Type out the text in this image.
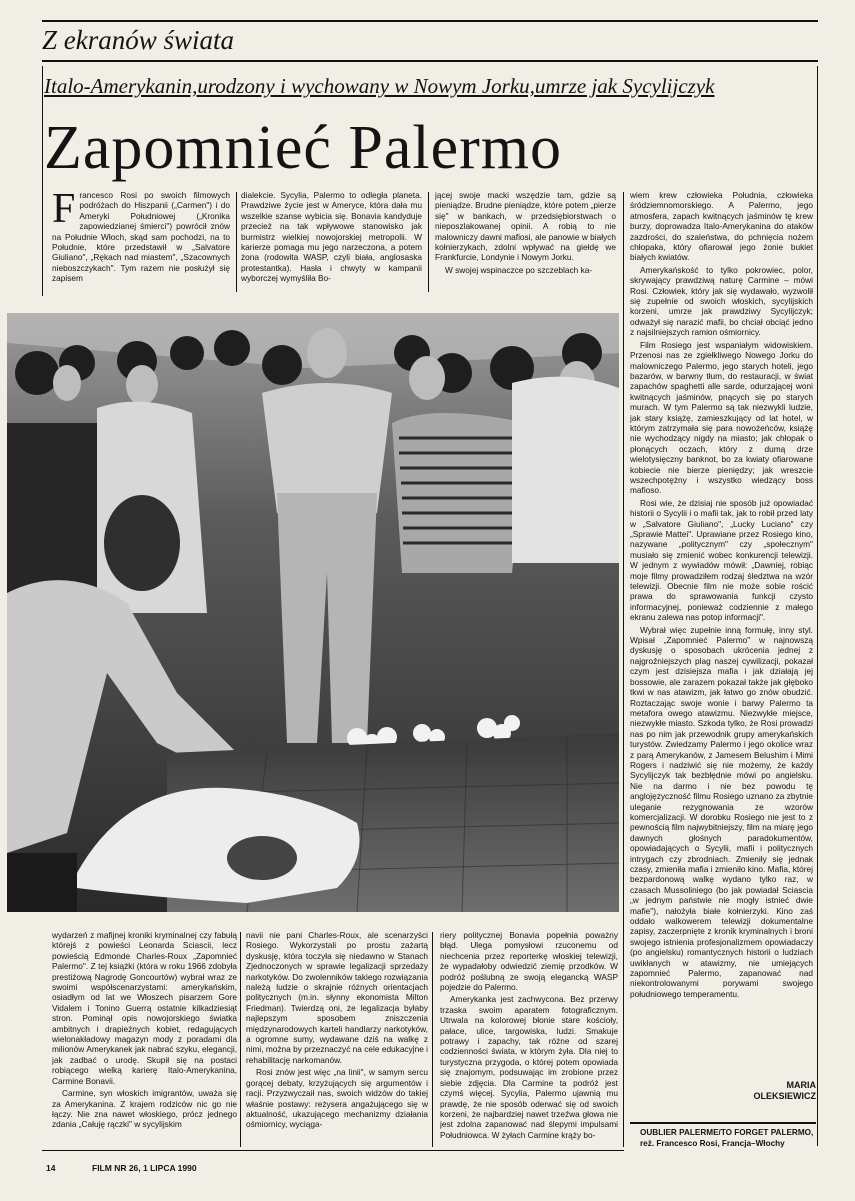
Z ekranów świata
Italo-Amerykanin,urodzony i wychowany w Nowym Jorku,umrze jak Sycylijczyk
Zapomnieć Palermo

Francesco Rosi po swoich filmowych podróżach do Hiszpanii („Carmen") i do Ameryki Południowej („Kronika zapowiedzianej śmierci") powrócił znów na Południe Włoch, skąd sam pochodzi, na to Południe, które przedstawił w „Salvatore Giuliano", „Rękach nad miastem", „Szacownych nieboszczykach". Tym razem nie posłużył się zapisem

dialekcie. Sycylia, Palermo to odległa planeta. Prawdziwe życie jest w Ameryce, która dała mu wszelkie szanse wybicia się. Bonavia kandyduje przecież na tak wpływowe stanowisko jak burmistrz wielkiej nowojorskiej metropolii. W karierze pomaga mu jego narzeczona, a potem żona (rodowita WASP, czyli biała, anglosaska protestantka). Hasła i chwyty w kampanii wyborczej wymyśliła Bo-

jącej swoje macki wszędzie tam, gdzie są pieniądze. Brudne pieniądze, które potem „pierze się" w bankach, w przedsiębiorstwach o nieposzlakowanej opinii. A robią to nie malowniczy dawni mafiosi, ale panowie w białych kołnierzykach, zdolni wpływać na giełdę we Frankfurcie, Londynie i Nowym Jorku.

W swojej wspinaczce po szczeblach ka-

wiem krew człowieka Południa, człowieka śródziemnomorskiego. A Palermo, jego atmosfera, zapach kwitnących jaśminów tę krew burzy, doprowadza Italo-Amerykanina do ataków zazdrości, do szaleństwa, do pchnięcia nożem chłopaka, który ofiarował jego żonie bukiet białych kwiatów.

Amerykańskość to tylko pokrowiec, polor, skrywający prawdziwą naturę Carmine – mówi Rosi. Człowiek, który jak się wydawało, wyzwolił się zupełnie od swoich włoskich, sycylijskich korzeni, umrze jak prawdziwy Sycylijczyk; odważył się narazić mafii, bo chciał obciąć jedno z najsilniejszych ramion ośmiornicy.

Film Rosiego jest wspaniałym widowiskiem. Przenosi nas ze zgiełkliwego Nowego Jorku do malowniczego Palermo, jego starych hoteli, jego bazarów, w barwny tłum, do restauracji, w świat zapachów spaghetti alle sarde, odurzającej woni kwitnących jaśminów, pnących się po starych murach. W tym Palermo są tak niezwykli ludzie, jak stary książę, zamieszkujący od lat hotel, w którym zatrzymała się para nowożeńców, książę nie wychodzący nigdy na miasto; jak chłopak o płonących oczach, który z dumą drze wielotysięczny banknot, bo za kwiaty ofiarowane kobiecie nie bierze pieniędzy; jak wreszcie wszechpotężny i wszystko wiedzący boss mafioso.

Rosi wie, że dzisiaj nie sposób już opowiadać historii o Sycylii i o mafii tak, jak to robił przed laty w „Salvatore Giuliano", „Lucky Luciano" czy „Sprawie Mattei". Uprawiane przez Rosiego kino, nazywane „politycznym" czy „społecznym" musiało się zmienić wobec konkurencji telewizji. W jednym z wywiadów mówił: „Dawniej, robiąc moje filmy prowadziłem rodzaj śledztwa na wzór telewizji. Obecnie film nie może sobie rościć prawa do sprawowania funkcji czysto informacyjnej, ponieważ codziennie z małego ekranu zalewa nas potop informacji".

Wybrał więc zupełnie inną formułę, inny styl. Wpisał „Zapomnieć Palermo" w najnowszą dyskusję o sposobach ukrócenia jednej z najgroźniejszych plag naszej cywilizacji, pokazał czym jest dzisiejsza mafia i jak działają jej bossowie, ale zarazem pokazał także jak głęboko tkwi w nas atawizm, jak łatwo go znów obudzić. Roztaczając swoje wonie i barwy Palermo ta metafora owego atawizmu. Niezwykłe miejsce, niezwykłe miasto. Szkoda tylko, że Rosi prowadzi nas po nim jak przewodnik grupy amerykańskich turystów. Zwiedzamy Palermo i jego okolice wraz z parą Amerykanów, z Jamesem Belushim i Mimi Rogers i nadziwić się nie możemy, że każdy Sycylijczyk tak bezbłędnie mówi po angielsku. Nie na darmo i nie bez powodu tę anglojęzyczność filmu Rosiego uznano za zbytnie uleganie rezygnowania ze wzorów komercjalizacji. W dorobku Rosiego nie jest to z pewnością film najwybitniejszy, film na miarę jego dawnych głośnych paradokumentów, opowiadających o Sycylii, mafii i politycznych intrygach czy zbrodniach. Zmieniły się jednak czasy, zmieniła mafia i zmieniło kino. Mafia, której bezpardonową walkę wydano tylko raz, w czasach Mussoliniego (bo jak powiadał Sciascia „w jednym państwie nie mogły istnieć dwie mafie"), nałożyła białe kołnierzyki. Kino zaś oddało walkowerem telewizji dokumentalne zapisy, zaczerpnięte z kronik kryminalnych i broni swojego istnienia profesjonalizmem opowiadaczy (po angielsku) romantycznych historii o ludziach uwikłanych w atawizmy, nie umiejących zapomnieć Palermo, zapanować nad niekontrolowanymi porywami swojego południowego temperamentu.

wydarzeń z mafijnej kroniki kryminalnej czy fabułą którejś z powieści Leonarda Sciascii, lecz powieścią Edmonde Charles-Roux „Zapomnieć Palermo". Z tej książki (która w roku 1966 zdobyła prestiżową Nagrodę Goncourtów) wybrał wraz ze swoimi współscenarzystami: amerykańskim, osiadłym od lat we Włoszech pisarzem Gore Vidalem i Tonino Guerrą ostatnie kilkadziesiąt stron. Pominął opis nowojorskiego światka ambitnych i drapieżnych kobiet, redagujących wielonakładowy magazyn mody z poradami dla milionów Amerykanek jak nabrać szyku, elegancji, jak zadbać o urodę. Skupił się na postaci robiącego wielką karierę Italo-Amerykanina, Carmine Bonavii.

Carmine, syn włoskich imigrantów, uważa się za Amerykanina. Z krajem rodziców nic go nie łączy. Nie zna nawet włoskiego, prócz jednego zdania „Całuję rączki" w sycylijskim

navii nie pani Charles-Roux, ale scenarzyści Rosiego. Wykorzystali po prostu zażartą dyskusję, która toczyła się niedawno w Stanach Zjednoczonych w sprawie legalizacji sprzedaży narkotyków. Do zwolenników takiego rozwiązania należą ludzie o skrajnie różnych orientacjach politycznych (m.in. słynny ekonomista Milton Friedman). Twierdzą oni, że legalizacja byłaby najlepszym sposobem zniszczenia międzynarodowych karteli handlarzy narkotyków, a ogromne sumy, wydawane dziś na walkę z nimi, można by przeznaczyć na cele edukacyjne i rehabilitację narkomanów.

Rosi znów jest więc „na linii", w samym sercu gorącej debaty, krzyżujących się argumentów i racji. Przyzwyczaił nas, swoich widzów do takiej właśnie postawy: reżysera angażującego się w aktualność, ukazującego mechanizmy działania ośmiornicy, wyciąga-

riery politycznej Bonavia popełnia poważny błąd. Ulega pomysłowi rzuconemu od niechcenia przez reporterkę włoskiej telewizji, że wypadałoby odwiedzić ziemię przodków. W podróż poślubną ze swoją elegancką WASP pojedzie do Palermo.

Amerykanka jest zachwycona. Bez przerwy trzaska swoim aparatem fotograficznym. Utrwala na kolorowej błonie stare kościoły, pałace, ulice, targowiska, ludzi. Smakuje potrawy i zapachy, tak różne od szarej codzienności świata, w którym żyła. Dla niej to turystyczna przygoda, o której potem opowiada się znajomym, podsuwając im zrobione przez siebie zdjęcia. Dla Carmine ta podróż jest czymś więcej. Sycylia, Palermo ujawnią mu prawdę, że nie sposób oderwać się od swoich korzeni, że najbardziej nawet trzeźwa głowa nie jest zdolna zapanować nad ślepymi impulsami Południowca. W żyłach Carmine krąży bo-

MARIA
OLEKSIEWICZ
OUBLIER PALERME/TO FORGET PALERMO, reż. Francesco Rosi, Francja–Włochy
14	FILM NR 26, 1 LIPCA 1990
